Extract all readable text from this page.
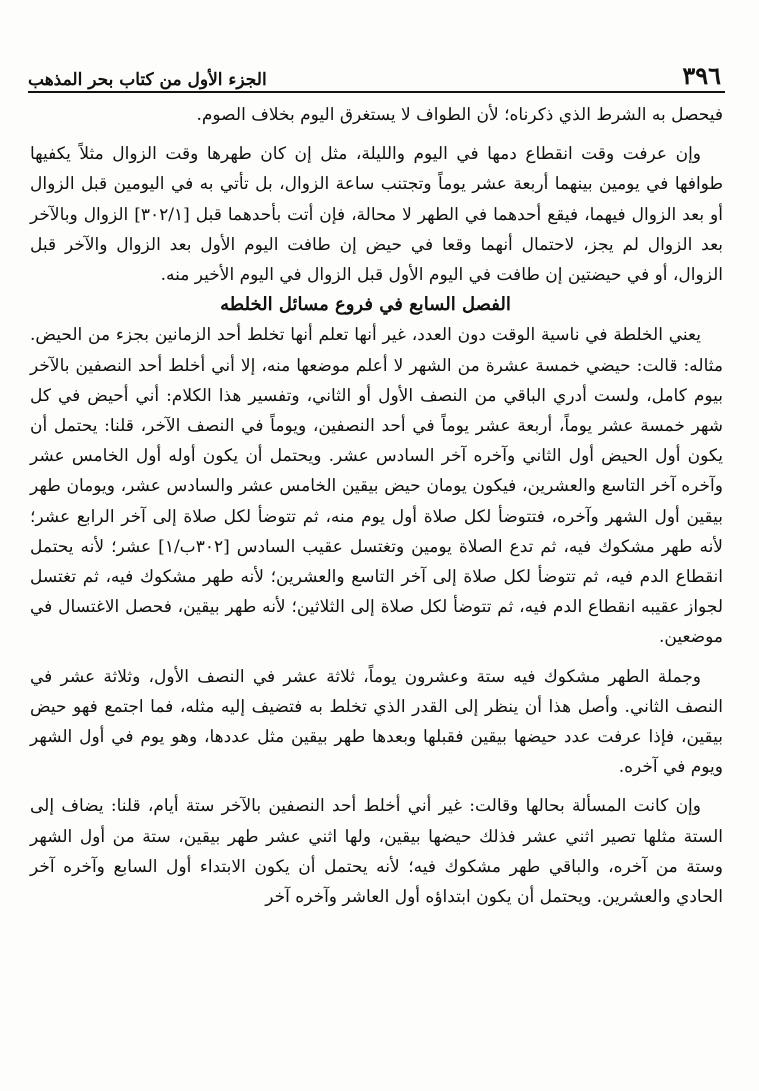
٣٩٦
الجزء الأول من كتاب بحر المذهب

فيحصل به الشرط الذي ذكرناه؛ لأن الطواف لا يستغرق اليوم بخلاف الصوم.

وإن عرفت وقت انقطاع دمها في اليوم والليلة، مثل إن كان طهرها وقت الزوال مثلاً يكفيها طوافها في يومين بينهما أربعة عشر يوماً وتجتنب ساعة الزوال، بل تأتي به في اليومين قبل الزوال أو بعد الزوال فيهما، فيقع أحدهما في الطهر لا محالة، فإن أتت بأحدهما قبل [٣٠٢/١] الزوال وبالآخر بعد الزوال لم يجز، لاحتمال أنهما وقعا في حيض إن طافت اليوم الأول بعد الزوال والآخر قبل الزوال، أو في حيضتين إن طافت في اليوم الأول قبل الزوال في اليوم الأخير منه.

الفصل السابع في فروع مسائل الخلطه

يعني الخلطة في ناسية الوقت دون العدد، غير أنها تعلم أنها تخلط أحد الزمانين بجزء من الحيض. مثاله: قالت: حيضي خمسة عشرة من الشهر لا أعلم موضعها منه، إلا أني أخلط أحد النصفين بالآخر بيوم كامل، ولست أدري الباقي من النصف الأول أو الثاني، وتفسير هذا الكلام: أني أحيض في كل شهر خمسة عشر يوماً، أربعة عشر يوماً في أحد النصفين، ويوماً في النصف الآخر، قلنا: يحتمل أن يكون أول الحيض أول الثاني وآخره آخر السادس عشر. ويحتمل أن يكون أوله أول الخامس عشر وآخره آخر التاسع والعشرين، فيكون يومان حيض بيقين الخامس عشر والسادس عشر، ويومان طهر بيقين أول الشهر وآخره، فتتوضأ لكل صلاة أول يوم منه، ثم تتوضأ لكل صلاة إلى آخر الرابع عشر؛ لأنه طهر مشكوك فيه، ثم تدع الصلاة يومين وتغتسل عقيب السادس [٣٠٢ب/١] عشر؛ لأنه يحتمل انقطاع الدم فيه، ثم تتوضأ لكل صلاة إلى آخر التاسع والعشرين؛ لأنه طهر مشكوك فيه، ثم تغتسل لجواز عقيبه انقطاع الدم فيه، ثم تتوضأ لكل صلاة إلى الثلاثين؛ لأنه طهر بيقين، فحصل الاغتسال في موضعين.

وجملة الطهر مشكوك فيه ستة وعشرون يوماً، ثلاثة عشر في النصف الأول، وثلاثة عشر في النصف الثاني. وأصل هذا أن ينظر إلى القدر الذي تخلط به فتضيف إليه مثله، فما اجتمع فهو حيض بيقين، فإذا عرفت عدد حيضها بيقين فقبلها وبعدها طهر بيقين مثل عددها، وهو يوم في أول الشهر ويوم في آخره.

وإن كانت المسألة بحالها وقالت: غير أني أخلط أحد النصفين بالآخر ستة أيام، قلنا: يضاف إلى الستة مثلها تصير اثني عشر فذلك حيضها بيقين، ولها اثني عشر طهر بيقين، ستة من أول الشهر وستة من آخره، والباقي طهر مشكوك فيه؛ لأنه يحتمل أن يكون الابتداء أول السابع وآخره آخر الحادي والعشرين. ويحتمل أن يكون ابتداؤه أول العاشر وآخره آخر
